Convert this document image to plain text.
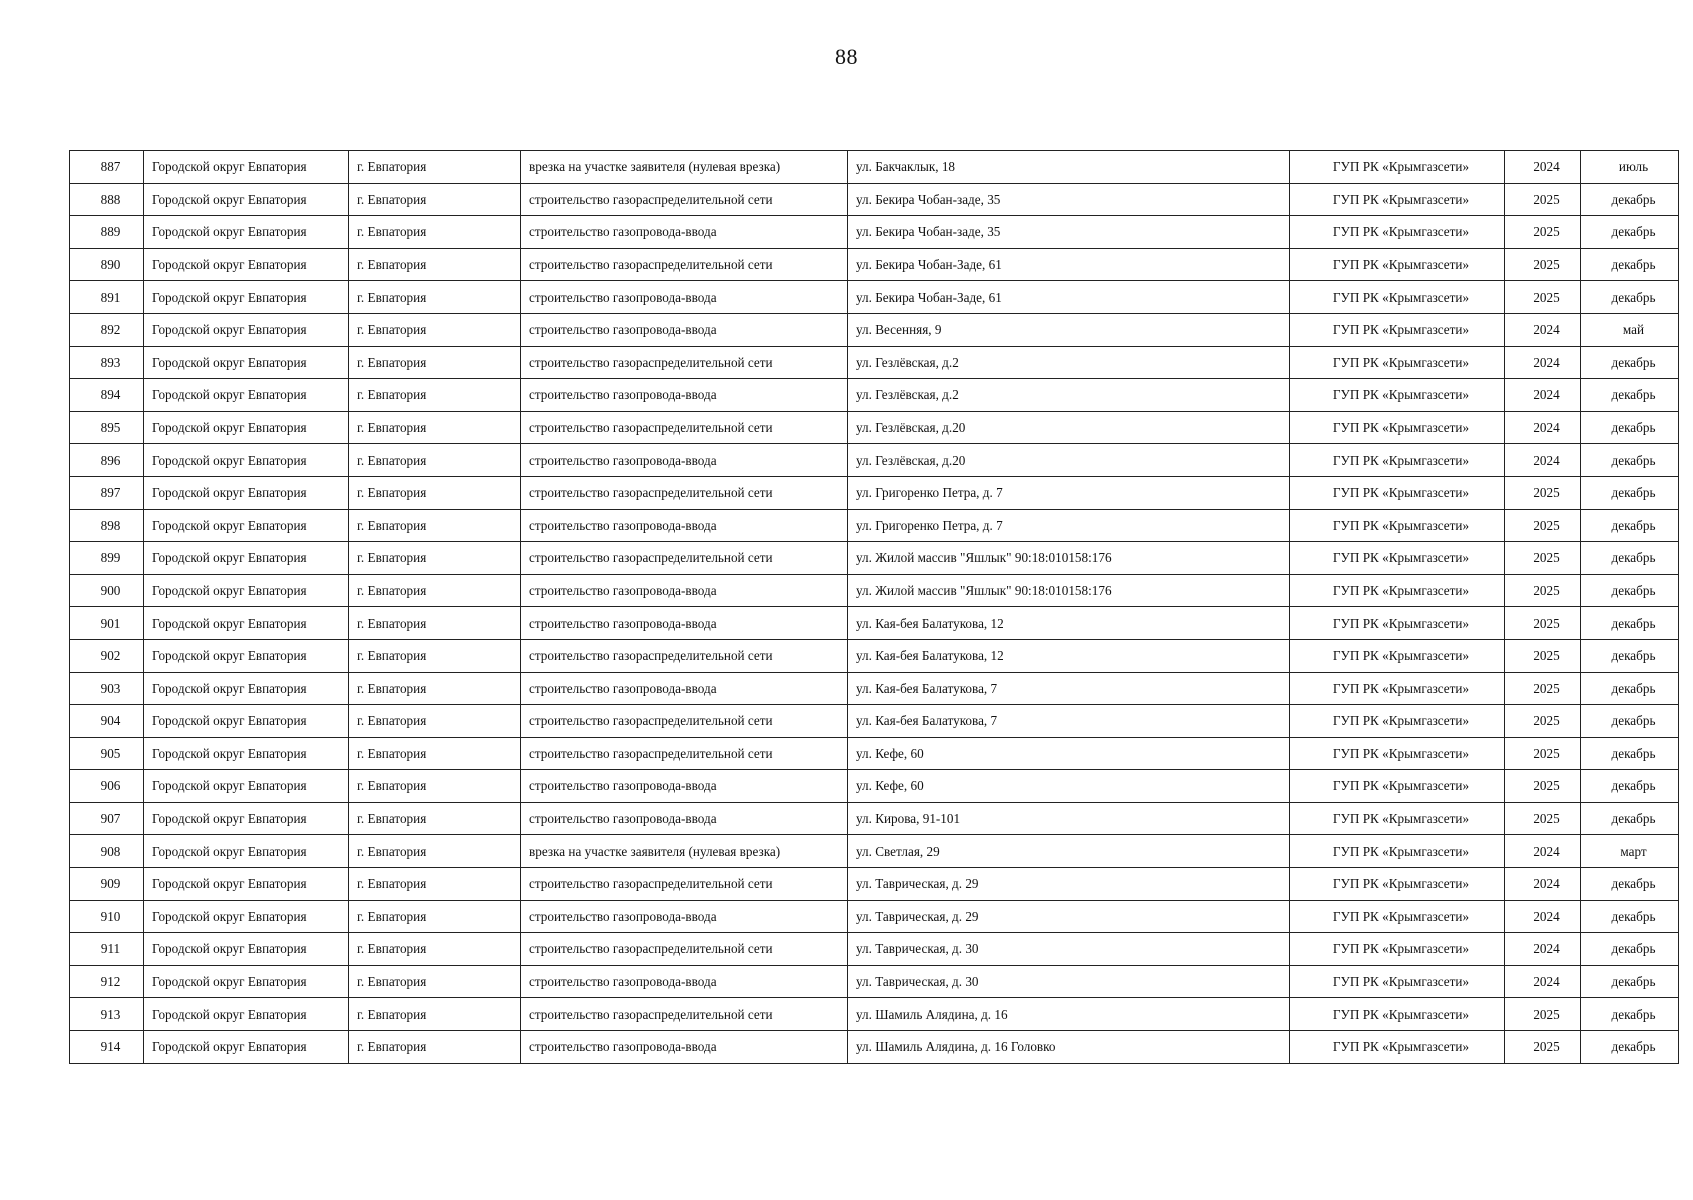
88
887	Городской округ Евпатория	г. Евпатория	врезка на участке заявителя (нулевая врезка)	ул. Бакчаклык, 18	ГУП РК «Крымгазсети»	2024	июль
888	Городской округ Евпатория	г. Евпатория	строительство газораспределительной сети	ул. Бекира Чобан-заде, 35	ГУП РК «Крымгазсети»	2025	декабрь
889	Городской округ Евпатория	г. Евпатория	строительство газопровода-ввода	ул. Бекира Чобан-заде, 35	ГУП РК «Крымгазсети»	2025	декабрь
890	Городской округ Евпатория	г. Евпатория	строительство газораспределительной сети	ул. Бекира Чобан-Заде, 61	ГУП РК «Крымгазсети»	2025	декабрь
891	Городской округ Евпатория	г. Евпатория	строительство газопровода-ввода	ул. Бекира Чобан-Заде, 61	ГУП РК «Крымгазсети»	2025	декабрь
892	Городской округ Евпатория	г. Евпатория	строительство газопровода-ввода	ул. Весенняя, 9	ГУП РК «Крымгазсети»	2024	май
893	Городской округ Евпатория	г. Евпатория	строительство газораспределительной сети	ул. Гезлёвская, д.2	ГУП РК «Крымгазсети»	2024	декабрь
894	Городской округ Евпатория	г. Евпатория	строительство газопровода-ввода	ул. Гезлёвская, д.2	ГУП РК «Крымгазсети»	2024	декабрь
895	Городской округ Евпатория	г. Евпатория	строительство газораспределительной сети	ул. Гезлёвская, д.20	ГУП РК «Крымгазсети»	2024	декабрь
896	Городской округ Евпатория	г. Евпатория	строительство газопровода-ввода	ул. Гезлёвская, д.20	ГУП РК «Крымгазсети»	2024	декабрь
897	Городской округ Евпатория	г. Евпатория	строительство газораспределительной сети	ул. Григоренко Петра, д. 7	ГУП РК «Крымгазсети»	2025	декабрь
898	Городской округ Евпатория	г. Евпатория	строительство газопровода-ввода	ул. Григоренко Петра, д. 7	ГУП РК «Крымгазсети»	2025	декабрь
899	Городской округ Евпатория	г. Евпатория	строительство газораспределительной сети	ул. Жилой массив "Яшлык" 90:18:010158:176	ГУП РК «Крымгазсети»	2025	декабрь
900	Городской округ Евпатория	г. Евпатория	строительство газопровода-ввода	ул. Жилой массив "Яшлык" 90:18:010158:176	ГУП РК «Крымгазсети»	2025	декабрь
901	Городской округ Евпатория	г. Евпатория	строительство газопровода-ввода	ул. Кая-бея Балатукова, 12	ГУП РК «Крымгазсети»	2025	декабрь
902	Городской округ Евпатория	г. Евпатория	строительство газораспределительной сети	ул. Кая-бея Балатукова, 12	ГУП РК «Крымгазсети»	2025	декабрь
903	Городской округ Евпатория	г. Евпатория	строительство газопровода-ввода	ул. Кая-бея Балатукова, 7	ГУП РК «Крымгазсети»	2025	декабрь
904	Городской округ Евпатория	г. Евпатория	строительство газораспределительной сети	ул. Кая-бея Балатукова, 7	ГУП РК «Крымгазсети»	2025	декабрь
905	Городской округ Евпатория	г. Евпатория	строительство газораспределительной сети	ул. Кефе, 60	ГУП РК «Крымгазсети»	2025	декабрь
906	Городской округ Евпатория	г. Евпатория	строительство газопровода-ввода	ул. Кефе, 60	ГУП РК «Крымгазсети»	2025	декабрь
907	Городской округ Евпатория	г. Евпатория	строительство газопровода-ввода	ул. Кирова, 91-101	ГУП РК «Крымгазсети»	2025	декабрь
908	Городской округ Евпатория	г. Евпатория	врезка на участке заявителя (нулевая врезка)	ул. Светлая, 29	ГУП РК «Крымгазсети»	2024	март
909	Городской округ Евпатория	г. Евпатория	строительство газораспределительной сети	ул. Таврическая, д. 29	ГУП РК «Крымгазсети»	2024	декабрь
910	Городской округ Евпатория	г. Евпатория	строительство газопровода-ввода	ул. Таврическая, д. 29	ГУП РК «Крымгазсети»	2024	декабрь
911	Городской округ Евпатория	г. Евпатория	строительство газораспределительной сети	ул. Таврическая, д. 30	ГУП РК «Крымгазсети»	2024	декабрь
912	Городской округ Евпатория	г. Евпатория	строительство газопровода-ввода	ул. Таврическая, д. 30	ГУП РК «Крымгазсети»	2024	декабрь
913	Городской округ Евпатория	г. Евпатория	строительство газораспределительной сети	ул. Шамиль Алядина, д. 16	ГУП РК «Крымгазсети»	2025	декабрь
914	Городской округ Евпатория	г. Евпатория	строительство газопровода-ввода	ул. Шамиль Алядина, д. 16 Головко	ГУП РК «Крымгазсети»	2025	декабрь
